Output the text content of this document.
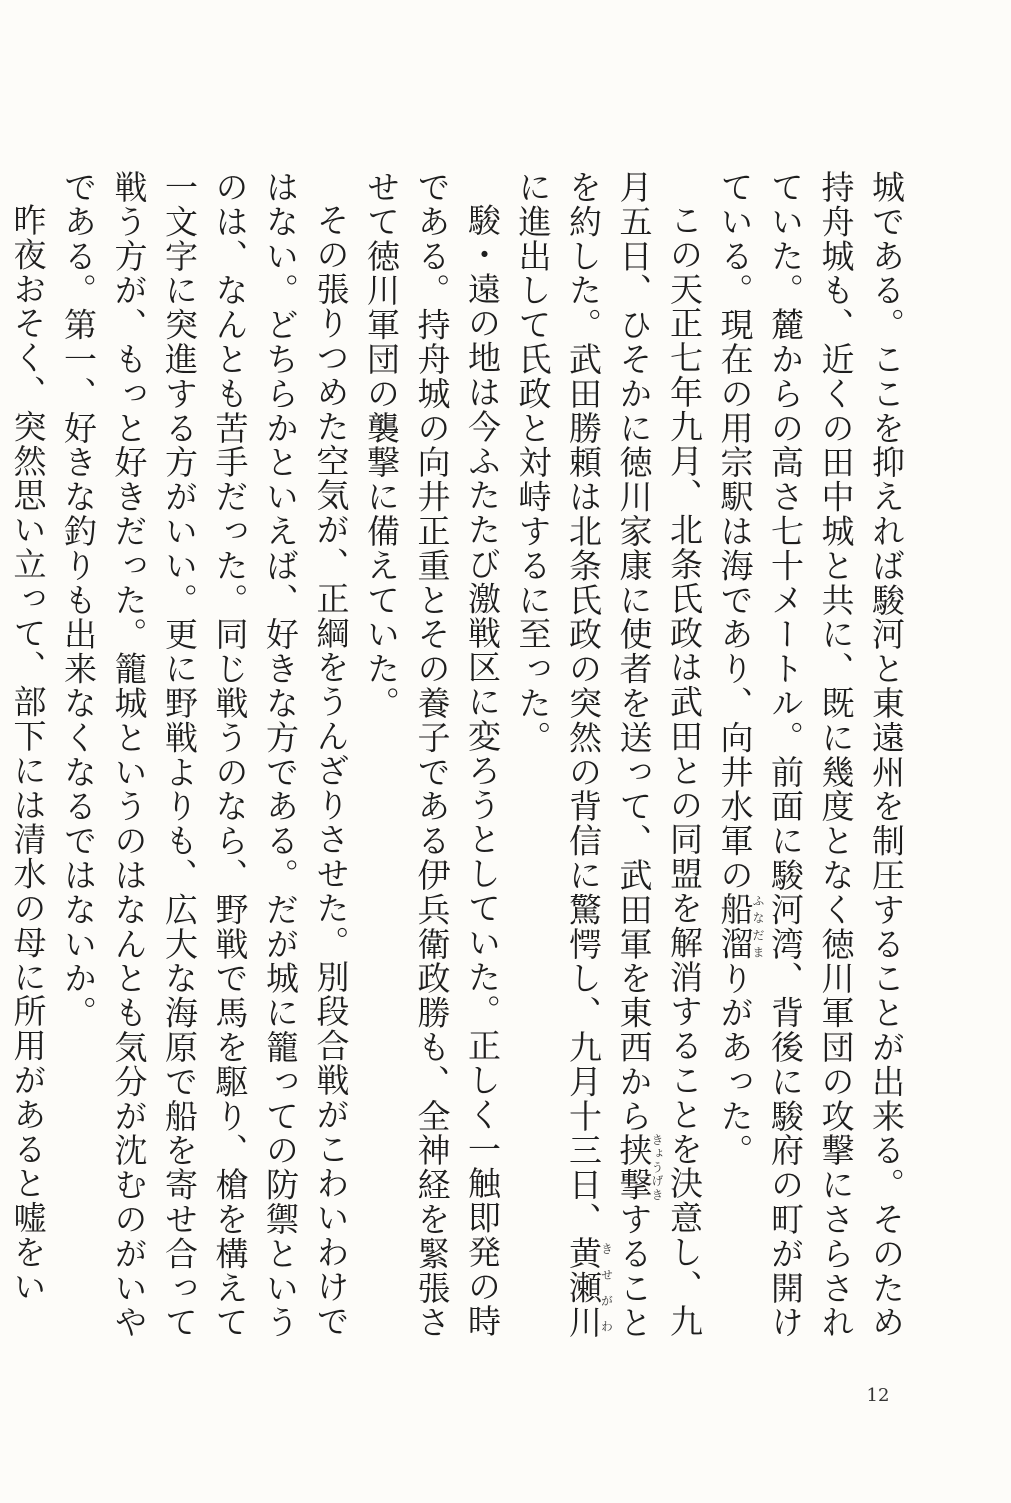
城である。ここを抑えれば駿河と東遠州を制圧することが出来る。そのため持舟城も、近くの田中城と共に、既に幾度となく徳川軍団の攻撃にさらされていた。麓からの高さ七十メートル。前面に駿河湾、背後に駿府の町が開けている。現在の用宗駅は海であり、向井水軍の船溜ふなだまりがあった。

この天正七年九月、北条氏政は武田との同盟を解消することを決意し、九月五日、ひそかに徳川家康に使者を送って、武田軍を東西から挟撃きょうげきすることを約した。武田勝頼は北条氏政の突然の背信に驚愕し、九月十三日、黄瀬川きせがわに進出して氏政と対峙するに至った。

駿・遠の地は今ふたたび激戦区に変ろうとしていた。正しく一触即発の時である。持舟城の向井正重とその養子である伊兵衛政勝も、全神経を緊張させて徳川軍団の襲撃に備えていた。

その張りつめた空気が、正綱をうんざりさせた。別段合戦がこわいわけではない。どちらかといえば、好きな方である。だが城に籠っての防禦というのは、なんとも苦手だった。同じ戦うのなら、野戦で馬を駆り、槍を構えて一文字に突進する方がいい。更に野戦よりも、広大な海原で船を寄せ合って戦う方が、もっと好きだった。籠城というのはなんとも気分が沈むのがいやである。第一、好きな釣りも出来なくなるではないか。

昨夜おそく、突然思い立って、部下には清水の母に所用があると嘘をい

12
